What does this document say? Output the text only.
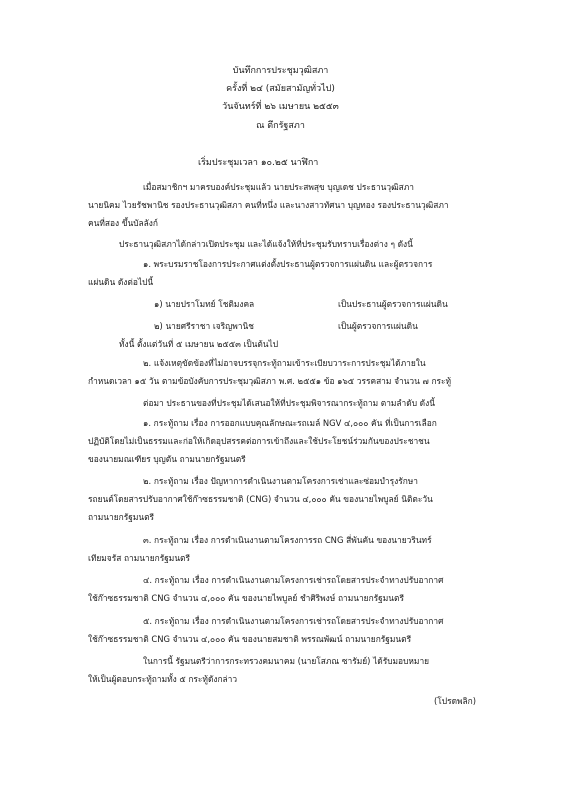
บันทึกการประชุมวุฒิสภา
ครั้งที่ ๒๔ (สมัยสามัญทั่วไป)
วันจันทร์ที่ ๒๖ เมษายน ๒๕๕๓
ณ ตึกรัฐสภา
เริ่มประชุมเวลา ๑๐.๒๕ นาฬิกา
เมื่อสมาชิกฯ มาครบองค์ประชุมแล้ว นายประสพสุข บุญเดช ประธานวุฒิสภา
นายนิคม ไวยรัชพานิช รองประธานวุฒิสภา คนที่หนึ่ง และนางสาวทัศนา บุญทอง รองประธานวุฒิสภา
คนที่สอง ขึ้นบัลลังก์
ประธานวุฒิสภาได้กล่าวเปิดประชุม และได้แจ้งให้ที่ประชุมรับทราบเรื่องต่าง ๆ ดังนี้
๑. พระบรมราชโองการประกาศแต่งตั้งประธานผู้ตรวจการแผ่นดิน และผู้ตรวจการ
แผ่นดิน ดังต่อไปนี้
๑) นายปราโมทย์ โชติมงคล	เป็นประธานผู้ตรวจการแผ่นดิน
๒) นายศรีราชา เจริญพานิช	เป็นผู้ตรวจการแผ่นดิน
ทั้งนี้ ตั้งแต่วันที่ ๕ เมษายน ๒๕๕๓ เป็นต้นไป
๒. แจ้งเหตุขัดข้องที่ไม่อาจบรรจุกระทู้ถามเข้าระเบียบวาระการประชุมได้ภายใน
กำหนดเวลา ๑๕ วัน ตามข้อบังคับการประชุมวุฒิสภา พ.ศ. ๒๕๕๑ ข้อ ๑๖๕ วรรคสาม จำนวน ๗ กระทู้
ต่อมา ประธานของที่ประชุมได้เสนอให้ที่ประชุมพิจารณากระทู้ถาม ตามลำดับ ดังนี้
๑. กระทู้ถาม เรื่อง การออกแบบคุณลักษณะรถเมล์ NGV ๔,๐๐๐ คัน ที่เป็นการเลือก
ปฏิบัติโดยไม่เป็นธรรมและก่อให้เกิดอุปสรรคต่อการเข้าถึงและใช้ประโยชน์ร่วมกันของประชาชน
ของนายมณเฑียร บุญตัน ถามนายกรัฐมนตรี
๒. กระทู้ถาม เรื่อง ปัญหาการดำเนินงานตามโครงการเช่าและซ่อมบำรุงรักษา
รถยนต์โดยสารปรับอากาศใช้ก๊าซธรรมชาติ (CNG) จำนวน ๔,๐๐๐ คัน ของนายไพบูลย์ นิติตะวัน
ถามนายกรัฐมนตรี
๓. กระทู้ถาม เรื่อง การดำเนินงานตามโครงการรถ CNG สี่พันคัน ของนายวรินทร์
เทียมจรัส ถามนายกรัฐมนตรี
๔. กระทู้ถาม เรื่อง การดำเนินงานตามโครงการเช่ารถโดยสารประจำทางปรับอากาศ
ใช้ก๊าซธรรมชาติ CNG จำนวน ๔,๐๐๐ คัน ของนายไพบูลย์ ชำศิริพงษ์ ถามนายกรัฐมนตรี
๕. กระทู้ถาม เรื่อง การดำเนินงานตามโครงการเช่ารถโดยสารประจำทางปรับอากาศ
ใช้ก๊าซธรรมชาติ CNG จำนวน ๔,๐๐๐ คัน ของนายสมชาติ พรรณพัฒน์ ถามนายกรัฐมนตรี
ในการนี้ รัฐมนตรีว่าการกระทรวงคมนาคม (นายโสภณ ซารัมย์) ได้รับมอบหมาย
ให้เป็นผู้ตอบกระทู้ถามทั้ง ๕ กระทู้ดังกล่าว
(โปรดพลิก)
